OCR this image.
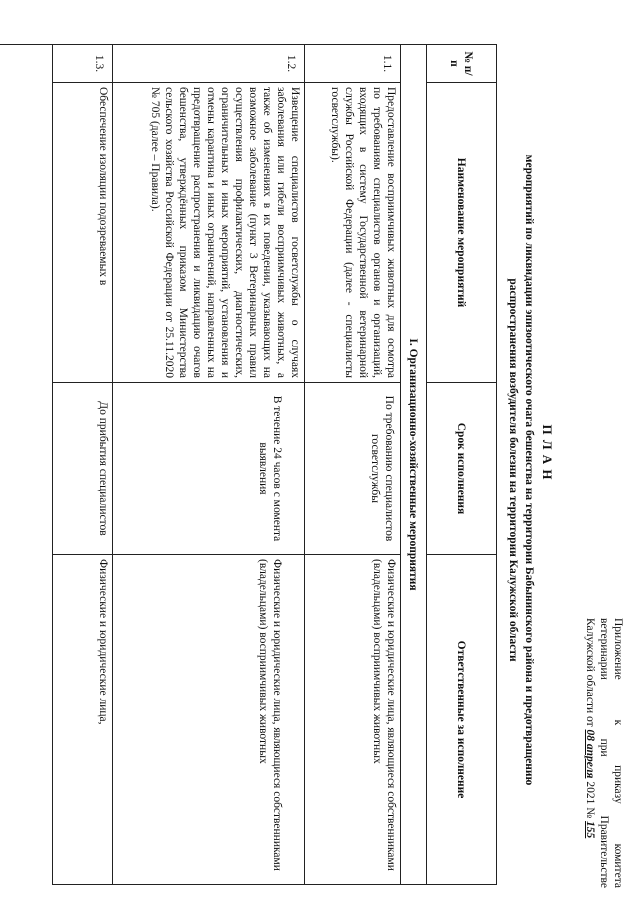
Приложение
к
приказу
комитета
ветеринарии
при
Правительстве
Калужской области от 08 апреля 2021 № 155
П Л А Н
мероприятий по ликвидации эпизоотического очага бешенства на территории Бабынинского района и предотвращению
распространения возбудителя болезни на территории Калужской области
№ п/п
Наименование мероприятий
Срок исполнения
Ответственные за исполнение
I. Организационно-хозяйственные мероприятия
1.1.
Предоставление восприимчивых животных для осмотра по требованиям специалистов органов и организаций, входящих в систему Государственной ветеринарной службы Российской Федерации (далее - специалисты госветслужбы).
По требованию специалистов госветслужбы
Физические и юридические лица, являющиеся собственниками (владельцами) восприимчивых животных
1.2.
Извещение специалистов госветслужбы о случаях заболевания или гибели восприимчивых животных, а также об изменениях в их поведении, указывающих на возможное заболевание (пункт 3 Ветеринарных правил осуществления профилактических, диагностических, ограничительных и иных мероприятий, установления и отмены карантина и иных ограничений, направленных на предотвращение распространения и ликвидацию очагов бешенства, утверждённых приказом Министерства сельского хозяйства Российской Федерации от 25.11.2020 № 705 (далее – Правила).
В течение 24 часов с момента выявления
Физические и юридические лица, являющиеся собственниками (владельцами) восприимчивых животных
1.3.
Обеспечение изоляции подозреваемых в
До прибытия специалистов
Физические и юридические лица,
